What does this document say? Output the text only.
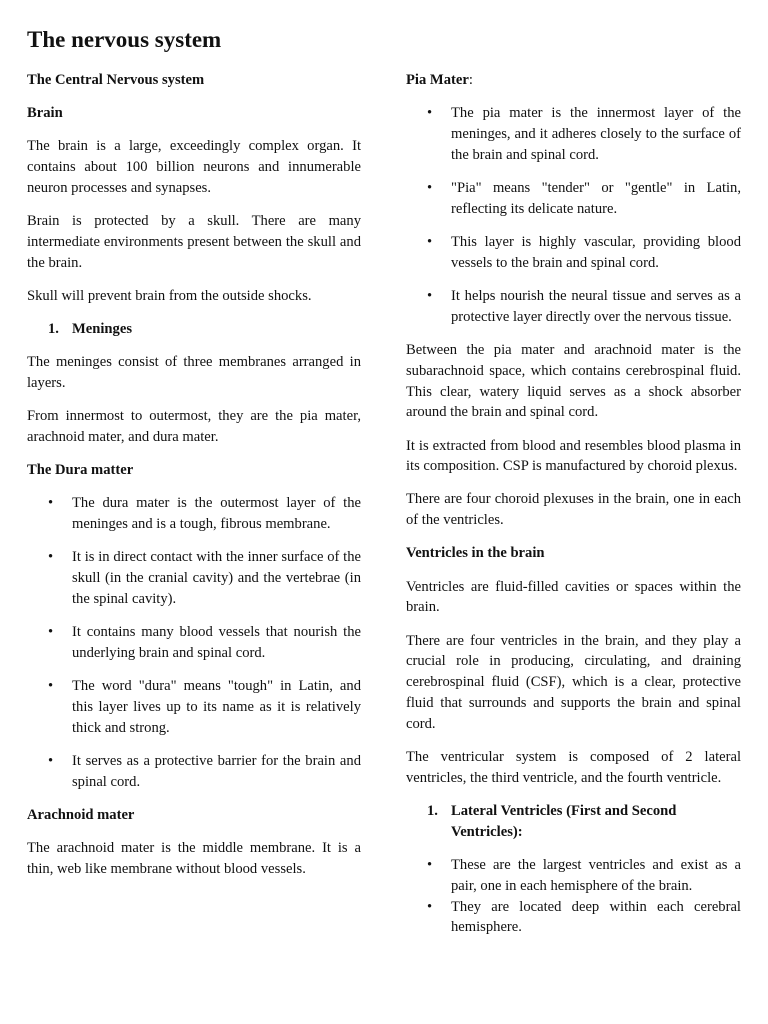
The nervous system
The Central Nervous system
Brain

The brain is a large, exceedingly complex organ. It contains about 100 billion neurons and innumerable neuron processes and synapses.

Brain is protected by a skull. There are many intermediate environments present between the skull and the brain.

Skull will prevent brain from the outside shocks.

1. Meninges

The meninges consist of three membranes arranged in layers.

From innermost to outermost, they are the pia mater, arachnoid mater, and dura mater.

The Dura matter
• The dura mater is the outermost layer of the meninges and is a tough, fibrous membrane.
• It is in direct contact with the inner surface of the skull (in the cranial cavity) and the vertebrae (in the spinal cavity).
• It contains many blood vessels that nourish the underlying brain and spinal cord.
• The word "dura" means "tough" in Latin, and this layer lives up to its name as it is relatively thick and strong.
• It serves as a protective barrier for the brain and spinal cord.
Arachnoid mater

The arachnoid mater is the middle membrane. It is a thin, web like membrane without blood vessels.

Pia Mater:
• The pia mater is the innermost layer of the meninges, and it adheres closely to the surface of the brain and spinal cord.
• "Pia" means "tender" or "gentle" in Latin, reflecting its delicate nature.
• This layer is highly vascular, providing blood vessels to the brain and spinal cord.
• It helps nourish the neural tissue and serves as a protective layer directly over the nervous tissue.

Between the pia mater and arachnoid mater is the subarachnoid space, which contains cerebrospinal fluid. This clear, watery liquid serves as a shock absorber around the brain and spinal cord.

It is extracted from blood and resembles blood plasma in its composition. CSP is manufactured by choroid plexus.

There are four choroid plexuses in the brain, one in each of the ventricles.

Ventricles in the brain

Ventricles are fluid-filled cavities or spaces within the brain.

There are four ventricles in the brain, and they play a crucial role in producing, circulating, and draining cerebrospinal fluid (CSF), which is a clear, protective fluid that surrounds and supports the brain and spinal cord.

The ventricular system is composed of 2 lateral ventricles, the third ventricle, and the fourth ventricle.

1. Lateral Ventricles (First and Second Ventricles):
• These are the largest ventricles and exist as a pair, one in each hemisphere of the brain.
• They are located deep within each cerebral hemisphere.
